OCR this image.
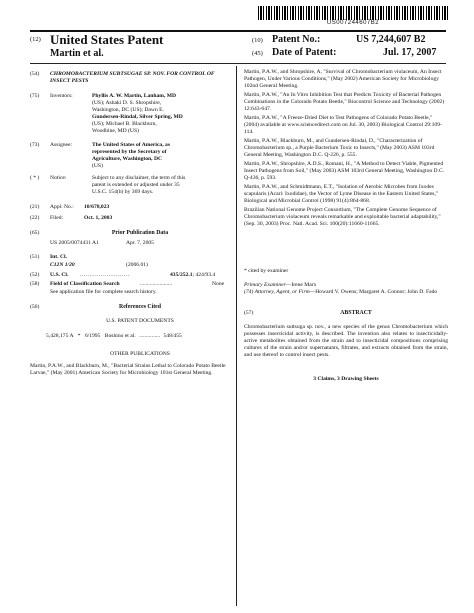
US007244607B2
(12) United States Patent
Martin et al.
(10) Patent No.:	US 7,244,607 B2
(45) Date of Patent:	Jul. 17, 2007
(54) CHROMOBACTERIUM SUBTSUGAE SP. NOV. FOR CONTROL OF INSECT PESTS
(75) Inventors:	Phyllis A. W. Martin, Lanham, MD
(US); Ashaki D. S. Shropshire,
Washington, DC (US); Dawn E.
Gundersen-Rindal, Silver Spring, MD
(US); Michael B. Blackburn,
Woodbine, MD (US)
(73) Assignee:	The United States of America, as
represented by the Secretary of
Agriculture, Washington, DC
(US)
( * ) Notice:	Subject to any disclaimer, the term of this
patent is extended or adjusted under 35
U.S.C. 154(b) by 369 days.
(21) Appl. No.: 10/678,023
(22) Filed:	Oct. 1, 2003
(65)	Prior Publication Data
US 2005/0074431 A1	Apr. 7, 2005
(51) Int. Cl.
C12N 1/20	(2006.01)
(52) U.S. Cl. ..........................	435/252.1; 424/93.4
(58) Field of Classification Search	.......................	None
See application file for complete search history.
(56)	References Cited
U.S. PATENT DOCUMENTS
5,428,175 A * 6/1995 Boshino et al. ............... 548/455
OTHER PUBLICATIONS
Martin, P.A.W., and Blackburn, M., "Bacterial Strains Lethal to Colorado Potato Beetle Larvae," (May 2001) American Society for Microbiology 101st General Meeting.
Martin, P.A.W., and Shropshire, A. "Survival of Chromobacterium violaceum, An Insect Pathogen, Under Various Conditions," (May 2002) American Society for Microbiology 102nd General Meeting.
Martin, P.A.W., "An In Vitro Inhibition Test that Predicts Toxicity of Bacterial Pathogen Combinations in the Colorado Potato Beetle," Biocontrol Science and Technology (2002) 12:643-647.
Martin, P.A.W., "A Freeze-Dried Diet to Test Pathogens of Colorado Potato Beetle," (2004) available at www.sciencedirect.com on Jul. 30, 2003) Biological Control 29:109-114.
Martin, P.A.W., Blackburn, M., and Gundersen-Rindal, D., "Characterization of Chromobacterium sp., a Purple Bacterium Toxic to Insects," (May 2003) ASM 103rd General Meeting, Washington D.C. Q-226, p. 555.
Martin, P.A.W., Shropshire, A.D.S., Romani, H., "A Method to Detect Viable, Pigmented Insect Pathogens from Soil," (May 2003) ASM 103rd General Meeting, Washington D.C. Q-436, p. 593.
Martin, P.A.W., and Schmidtmann, E.T., "Isolation of Aerobic Microbes from Ixodes scapularis (Acari: Ixodidae), the Vector of Lyme Disease in the Eastern United States," Biological and Microbial Control (1998) 91(4):864-868.
Brazilian National Genome Project Consortium, "The Complete Genome Sequence of Chromobacterium violaceum reveals remarkable and exploitable bacterial adaptability," (Sep. 30, 2003) Proc. Natl. Acad. Sci. 100(20):11660-11665.
* cited by examiner
Primary Examiner—Irene Marx
(74) Attorney, Agent, or Firm—Howard V. Owens; Margaret A. Connor; John D. Fado
(57)	ABSTRACT
Chromobacterium suttsuga sp. nov., a new species of the genus Chromobacterium which possesses insecticidal activity, is described. The invention also relates to insecticidally-active metabolites obtained from the strain and to insecticidal compositions comprising cultures of the strain and/or supernatants, filtrates, and extracts obtained from the strain, and use thereof to control insect pests.
3 Claims, 3 Drawing Sheets
